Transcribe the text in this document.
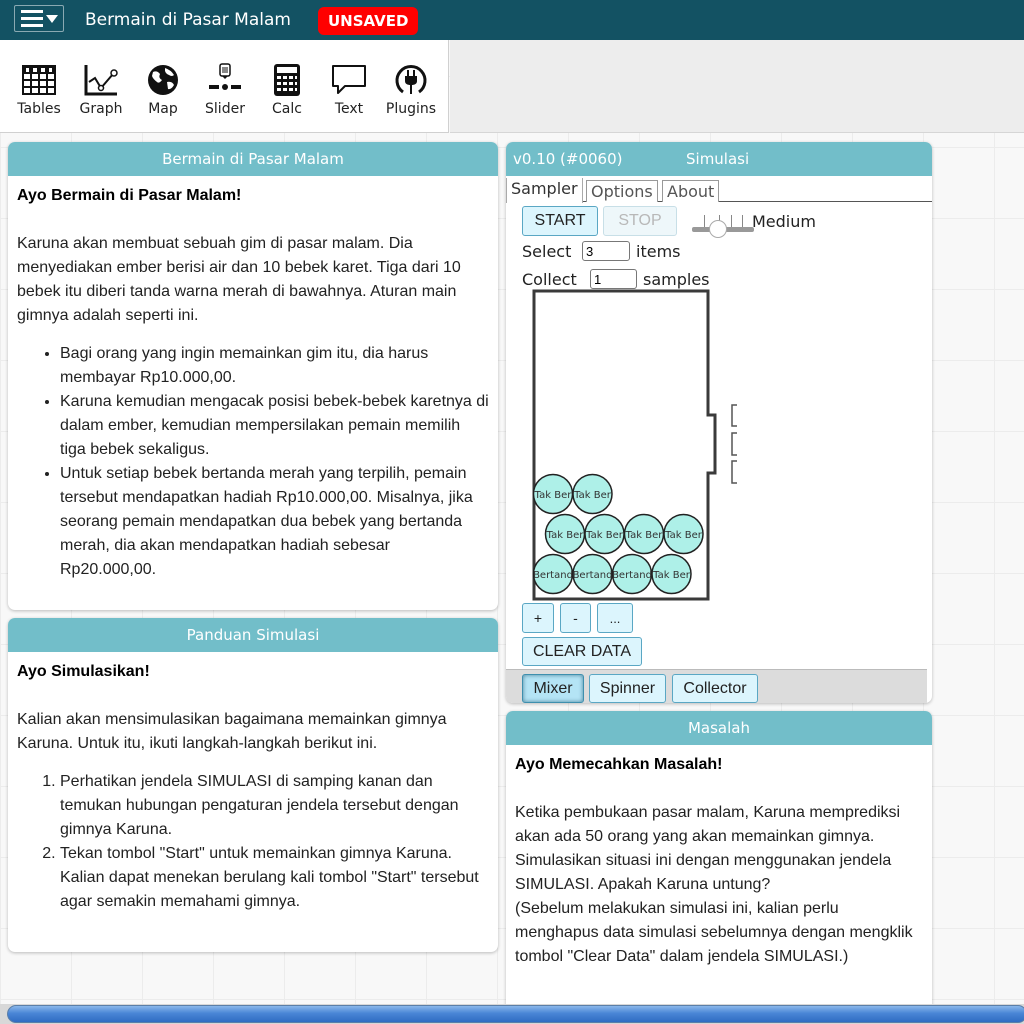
Bermain di Pasar Malam	UNSAVED
Tables Graph Map Slider Calc Text Plugins
Bermain di Pasar Malam

Ayo Bermain di Pasar Malam!

Karuna akan membuat sebuah gim di pasar malam. Dia menyediakan ember berisi air dan 10 bebek karet. Tiga dari 10 bebek itu diberi tanda warna merah di bawahnya. Aturan main gimnya adalah seperti ini.

• Bagi orang yang ingin memainkan gim itu, dia harus membayar Rp10.000,00.
• Karuna kemudian mengacak posisi bebek-bebek karetnya di dalam ember, kemudian mempersilakan pemain memilih tiga bebek sekaligus.
• Untuk setiap bebek bertanda merah yang terpilih, pemain tersebut mendapatkan hadiah Rp10.000,00. Misalnya, jika seorang pemain mendapatkan dua bebek yang bertanda merah, dia akan mendapatkan hadiah sebesar Rp20.000,00.
Panduan Simulasi

Ayo Simulasikan!

Kalian akan mensimulasikan bagaimana memainkan gimnya Karuna. Untuk itu, ikuti langkah-langkah berikut ini.

1. Perhatikan jendela SIMULASI di samping kanan dan temukan hubungan pengaturan jendela tersebut dengan gimnya Karuna.
2. Tekan tombol "Start" untuk memainkan gimnya Karuna. Kalian dapat menekan berulang kali tombol "Start" tersebut agar semakin memahami gimnya.
v0.10 (#0060)	Simulasi
Sampler Options About
START	STOP	Medium
Select
3	items
Collect
1	samples
Tak Ber Tak Ber
Tak Ber Tak Ber Tak Ber Tak Ber
Bertand Bertand Bertand Tak Ber
+	-	...
CLEAR DATA
Mixer	Spinner	Collector
Masalah

Ayo Memecahkan Masalah!

Ketika pembukaan pasar malam, Karuna memprediksi akan ada 50 orang yang akan memainkan gimnya. Simulasikan situasi ini dengan menggunakan jendela SIMULASI. Apakah Karuna untung?

(Sebelum melakukan simulasi ini, kalian perlu menghapus data simulasi sebelumnya dengan mengklik tombol "Clear Data" dalam jendela SIMULASI.)
